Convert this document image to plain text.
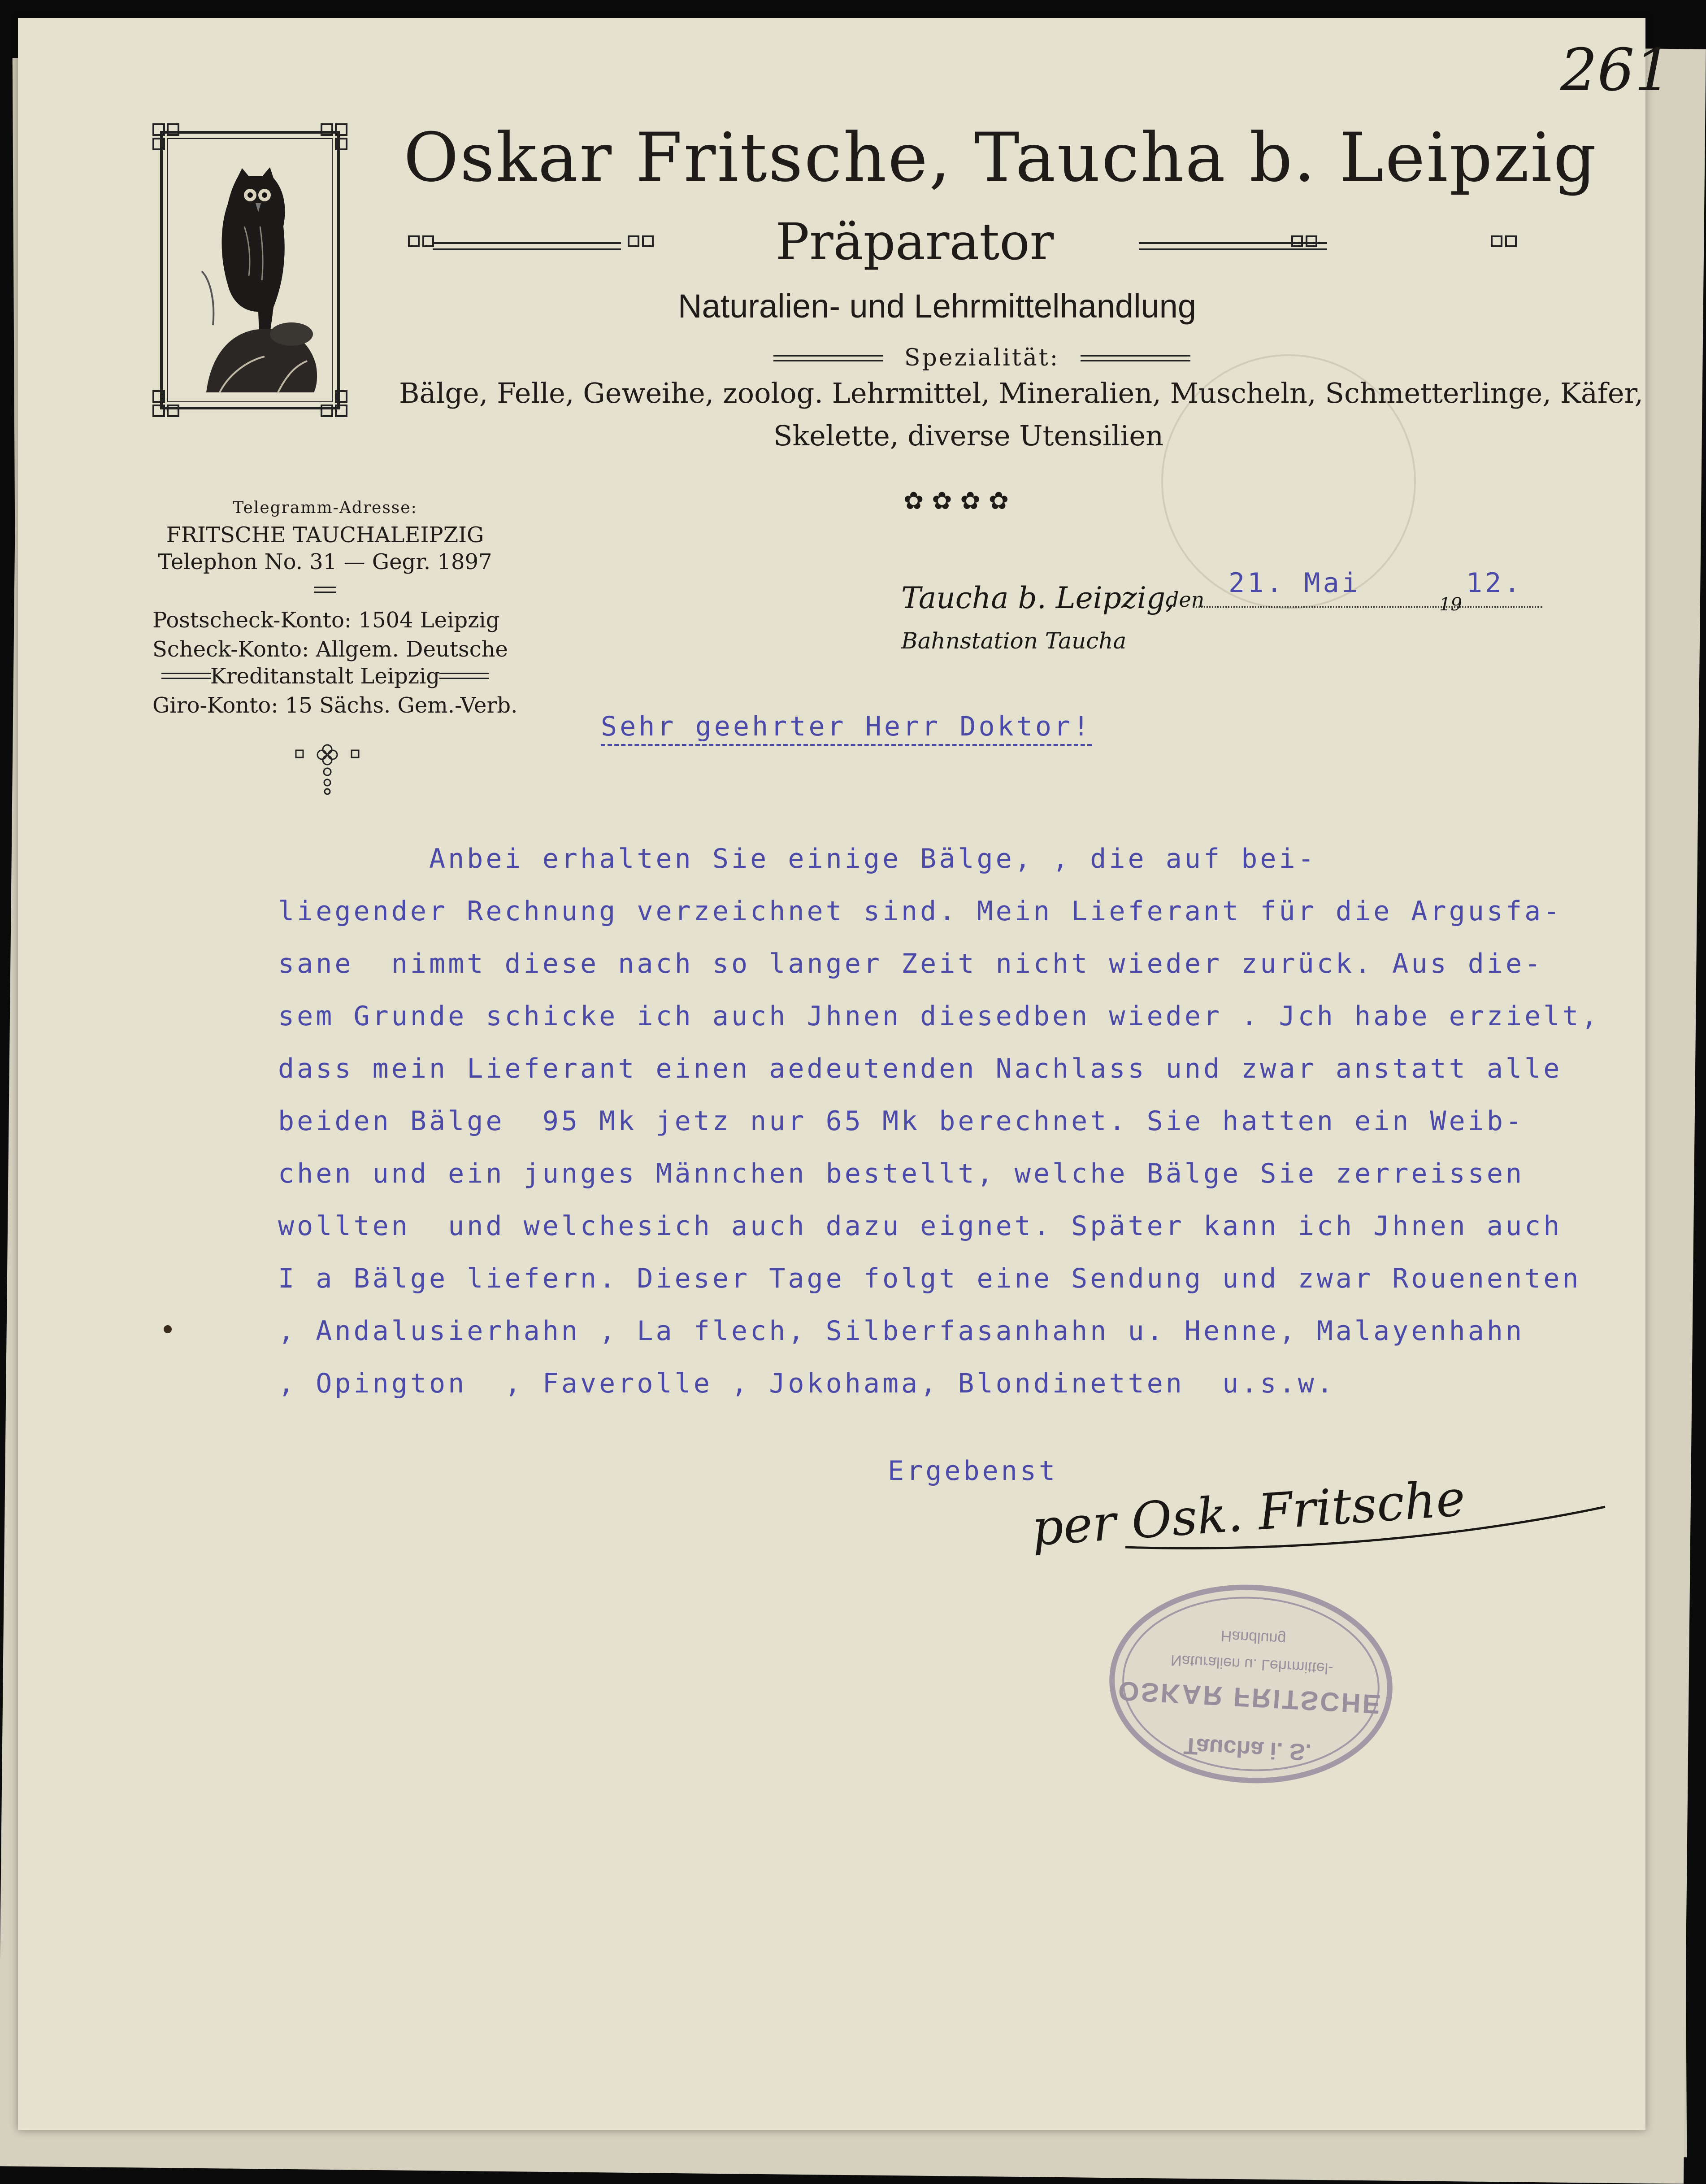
261
Oskar Fritsche, Taucha b. Leipzig
Präparator
Naturalien- und Lehrmittelhandlung
Spezialität:
Bälge, Felle, Geweihe, zoolog. Lehrmittel, Mineralien, Muscheln, Schmetterlinge, Käfer,
Skelette, diverse Utensilien
✿✿✿✿
Telegramm-Adresse:
FRITSCHE TAUCHALEIPZIG
Telephon No. 31 — Gegr. 1897
Postscheck-Konto: 1504 Leipzig
Scheck-Konto: Allgem. Deutsche
Kreditanstalt Leipzig
Giro-Konto: 15 Sächs. Gem.-Verb.
Taucha b. Leipzig,
den
21. Mai
19
12.
Bahnstation Taucha
Sehr geehrter Herr Doktor!
Anbei erhalten Sie einige Bälge, , die auf bei-
liegender Rechnung verzeichnet sind. Mein Lieferant für die Argusfa-
sane  nimmt diese nach so langer Zeit nicht wieder zurück. Aus die-
sem Grunde schicke ich auch Jhnen diesedben wieder . Jch habe erzielt,
dass mein Lieferant einen aedeutenden Nachlass und zwar anstatt alle
beiden Bälge  95 Mk jetz nur 65 Mk berechnet. Sie hatten ein Weib-
chen und ein junges Männchen bestellt, welche Bälge Sie zerreissen
wollten  und welchesich auch dazu eignet. Später kann ich Jhnen auch
I a Bälge liefern. Dieser Tage folgt eine Sendung und zwar Rouenenten
, Andalusierhahn , La flech, Silberfasanhahn u. Henne, Malayenhahn
, Opington  , Faverolle , Jokohama, Blondinetten  u.s.w.
Ergebenst
per Osk. Fritsche
Tauchа i. S.
OSKAR FRITSCHE
Naturalien u. Lehrmittel-
Handlung
